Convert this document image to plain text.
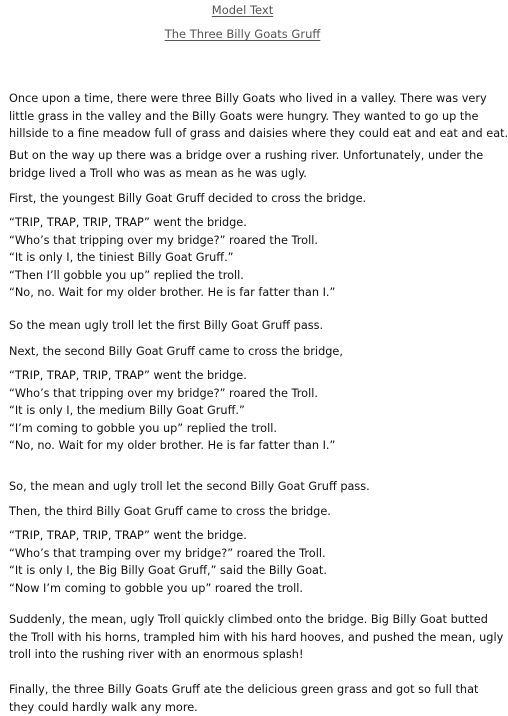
Model Text
The Three Billy Goats Gruff
Once upon a time, there were three Billy Goats who lived in a valley. There was very
little grass in the valley and the Billy Goats were hungry. They wanted to go up the
hillside to a fine meadow full of grass and daisies where they could eat and eat and eat.
But on the way up there was a bridge over a rushing river. Unfortunately, under the
bridge lived a Troll who was as mean as he was ugly.
First, the youngest Billy Goat Gruff decided to cross the bridge.
“TRIP, TRAP, TRIP, TRAP” went the bridge.
“Who’s that tripping over my bridge?” roared the Troll.
“It is only I, the tiniest Billy Goat Gruff.”
“Then I’ll gobble you up” replied the troll.
“No, no. Wait for my older brother. He is far fatter than I.”
So the mean ugly troll let the first Billy Goat Gruff pass.
Next, the second Billy Goat Gruff came to cross the bridge,
“TRIP, TRAP, TRIP, TRAP” went the bridge.
“Who’s that tripping over my bridge?” roared the Troll.
“It is only I, the medium Billy Goat Gruff.”
“I’m coming to gobble you up” replied the troll.
“No, no. Wait for my older brother. He is far fatter than I.”
So, the mean and ugly troll let the second Billy Goat Gruff pass.
Then, the third Billy Goat Gruff came to cross the bridge.
“TRIP, TRAP, TRIP, TRAP” went the bridge.
“Who’s that tramping over my bridge?” roared the Troll.
“It is only I, the Big Billy Goat Gruff,” said the Billy Goat.
“Now I’m coming to gobble you up” roared the troll.
Suddenly, the mean, ugly Troll quickly climbed onto the bridge. Big Billy Goat butted
the Troll with his horns, trampled him with his hard hooves, and pushed the mean, ugly
troll into the rushing river with an enormous splash!
Finally, the three Billy Goats Gruff ate the delicious green grass and got so full that
they could hardly walk any more.
